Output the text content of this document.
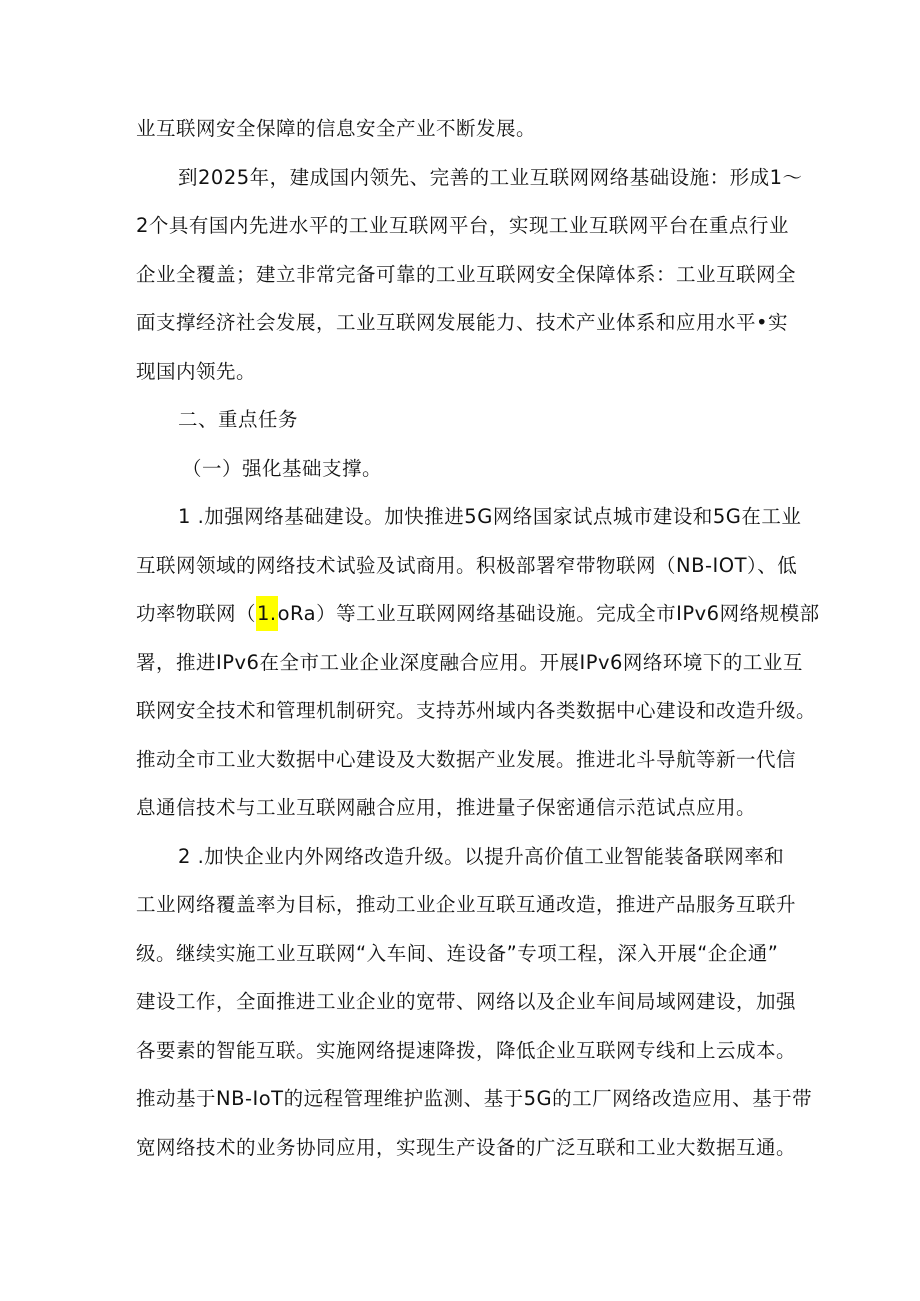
业互联网安全保障的信息安全产业不断发展。
到2025年，建成国内领先、完善的工业互联网网络基础设施：形成1～
2个具有国内先进水平的工业互联网平台，实现工业互联网平台在重点行业
企业全覆盖；建立非常完备可靠的工业互联网安全保障体系：工业互联网全
面支撑经济社会发展，工业互联网发展能力、技术产业体系和应用水平•实
现国内领先。
二、重点任务
（一）强化基础支撑。
1 .加强网络基础建设。加快推进5G网络国家试点城市建设和5G在工业
互联网领域的网络技术试验及试商用。积极部署窄带物联网（NB-IOT）、低
功率物联网（1.oRa）等工业互联网网络基础设施。完成全市IPv6网络规模部
署，推进IPv6在全市工业企业深度融合应用。开展IPv6网络环境下的工业互
联网安全技术和管理机制研究。支持苏州域内各类数据中心建设和改造升级。
推动全市工业大数据中心建设及大数据产业发展。推进北斗导航等新一代信
息通信技术与工业互联网融合应用，推进量子保密通信示范试点应用。
2 .加快企业内外网络改造升级。以提升高价值工业智能装备联网率和
工业网络覆盖率为目标，推动工业企业互联互通改造，推进产品服务互联升
级。继续实施工业互联网“入车间、连设备”专项工程，深入开展“企企通”
建设工作，全面推进工业企业的宽带、网络以及企业车间局域网建设，加强
各要素的智能互联。实施网络提速降拨，降低企业互联网专线和上云成本。
推动基于NB-IoT的远程管理维护监测、基于5G的工厂网络改造应用、基于带
宽网络技术的业务协同应用，实现生产设备的广泛互联和工业大数据互通。
